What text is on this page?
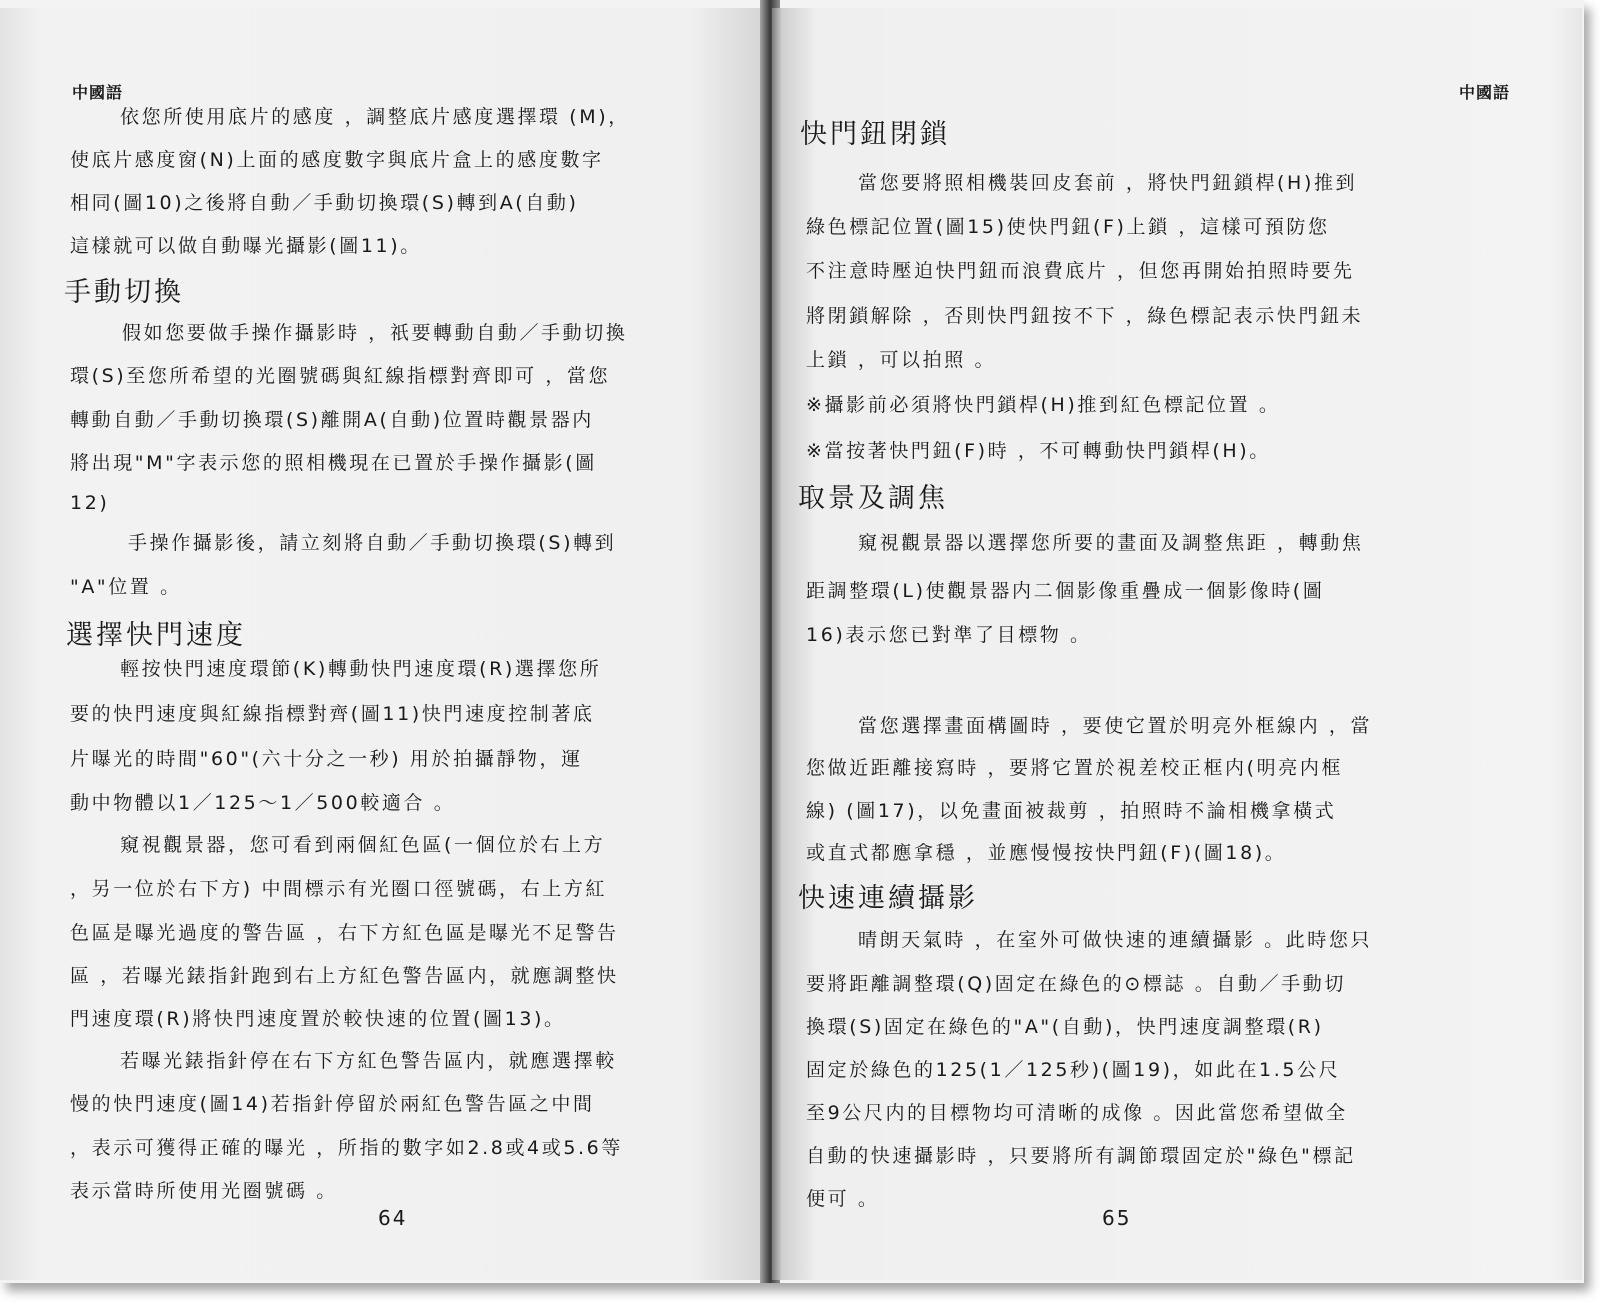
中國語
依您所使用底片的感度 ，調整底片感度選擇環 (M)，
使底片感度窗(N)上面的感度數字與底片盒上的感度數字
相同(圖10)之後將自動／手動切換環(S)轉到A(自動)
這樣就可以做自動曝光攝影(圖11)。
手動切換
假如您要做手操作攝影時 ，祇要轉動自動／手動切換
環(S)至您所希望的光圈號碼與紅線指標對齊即可 ，當您
轉動自動／手動切換環(S)離開A(自動)位置時觀景器内
將出現"M"字表示您的照相機現在已置於手操作攝影(圖
12)
手操作攝影後，請立刻將自動／手動切換環(S)轉到
"A"位置 。
選擇快門速度
輕按快門速度環節(K)轉動快門速度環(R)選擇您所
要的快門速度與紅線指標對齊(圖11)快門速度控制著底
片曝光的時間"60"(六十分之一秒) 用於拍攝靜物，運
動中物體以1／125～1／500較適合 。
窺視觀景器，您可看到兩個紅色區(一個位於右上方
，另一位於右下方) 中間標示有光圈口徑號碼，右上方紅
色區是曝光過度的警告區 ，右下方紅色區是曝光不足警告
區 ，若曝光錶指針跑到右上方紅色警告區内，就應調整快
門速度環(R)將快門速度置於較快速的位置(圖13)。
若曝光錶指針停在右下方紅色警告區内，就應選擇較
慢的快門速度(圖14)若指針停留於兩紅色警告區之中間
，表示可獲得正確的曝光 ，所指的數字如2.8或4或5.6等
表示當時所使用光圈號碼 。
64
中國語
快門鈕閉鎖
當您要將照相機裝回皮套前 ，將快門鈕鎖桿(H)推到
綠色標記位置(圖15)使快門鈕(F)上鎖 ，這樣可預防您
不注意時壓迫快門鈕而浪費底片 ，但您再開始拍照時要先
將閉鎖解除 ，否則快門鈕按不下 ，綠色標記表示快門鈕未
上鎖 ，可以拍照 。
※攝影前必須將快門鎖桿(H)推到紅色標記位置 。
※當按著快門鈕(F)時 ，不可轉動快門鎖桿(H)。
取景及調焦
窺視觀景器以選擇您所要的畫面及調整焦距 ，轉動焦
距調整環(L)使觀景器内二個影像重疊成一個影像時(圖
16)表示您已對準了目標物 。
當您選擇畫面構圖時 ，要使它置於明亮外框線内 ，當
您做近距離接寫時 ，要將它置於視差校正框内(明亮内框
線) (圖17)，以免畫面被裁剪 ，拍照時不論相機拿橫式
或直式都應拿穩 ，並應慢慢按快門鈕(F)(圖18)。
快速連續攝影
晴朗天氣時 ，在室外可做快速的連續攝影 。此時您只
要將距離調整環(Q)固定在綠色的⊙標誌 。自動／手動切
換環(S)固定在綠色的"A"(自動)，快門速度調整環(R)
固定於綠色的125(1／125秒)(圖19)，如此在1.5公尺
至9公尺内的目標物均可清晰的成像 。因此當您希望做全
自動的快速攝影時 ，只要將所有調節環固定於"綠色"標記
便可 。
65
